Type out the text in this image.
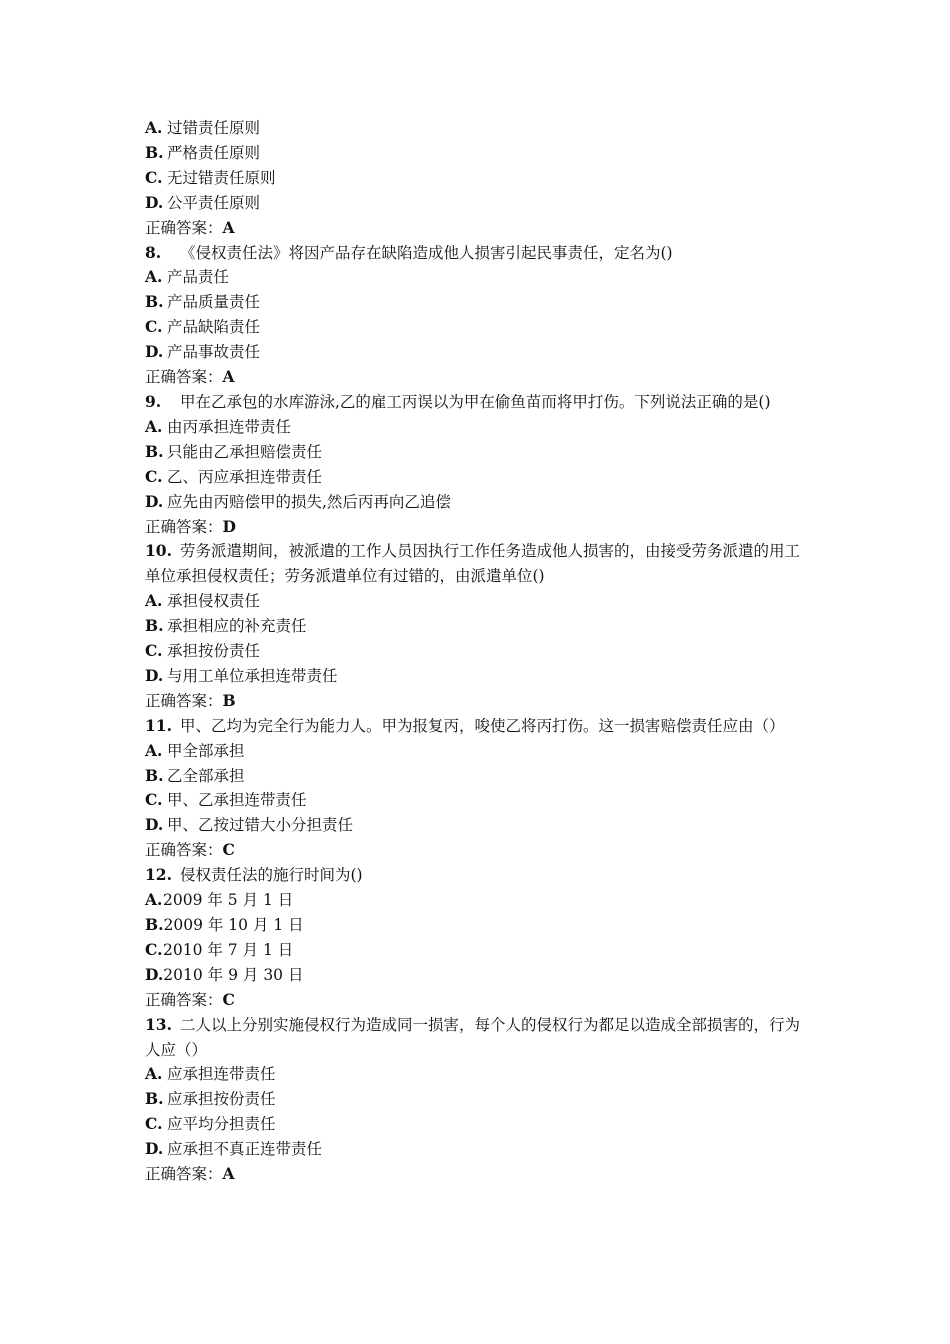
A. 过错责任原则
B. 严格责任原则
C. 无过错责任原则
D. 公平责任原则
正确答案：A
8. 《侵权责任法》将因产品存在缺陷造成他人损害引起民事责任，定名为()
A. 产品责任
B. 产品质量责任
C. 产品缺陷责任
D. 产品事故责任
正确答案：A
9. 甲在乙承包的水库游泳,乙的雇工丙误以为甲在偷鱼苗而将甲打伤。下列说法正确的是()
A. 由丙承担连带责任
B. 只能由乙承担赔偿责任
C. 乙、丙应承担连带责任
D. 应先由丙赔偿甲的损失,然后丙再向乙追偿
正确答案：D
10. 劳务派遣期间，被派遣的工作人员因执行工作任务造成他人损害的，由接受劳务派遣的用工单位承担侵权责任；劳务派遣单位有过错的，由派遣单位()
A. 承担侵权责任
B. 承担相应的补充责任
C. 承担按份责任
D. 与用工单位承担连带责任
正确答案：B
11. 甲、乙均为完全行为能力人。甲为报复丙，唆使乙将丙打伤。这一损害赔偿责任应由（）
A. 甲全部承担
B. 乙全部承担
C. 甲、乙承担连带责任
D. 甲、乙按过错大小分担责任
正确答案：C
12. 侵权责任法的施行时间为()
A.2009 年 5 月 1 日
B.2009 年 10 月 1 日
C.2010 年 7 月 1 日
D.2010 年 9 月 30 日
正确答案：C
13. 二人以上分别实施侵权行为造成同一损害，每个人的侵权行为都足以造成全部损害的，行为人应（）
A. 应承担连带责任
B. 应承担按份责任
C. 应平均分担责任
D. 应承担不真正连带责任
正确答案：A
